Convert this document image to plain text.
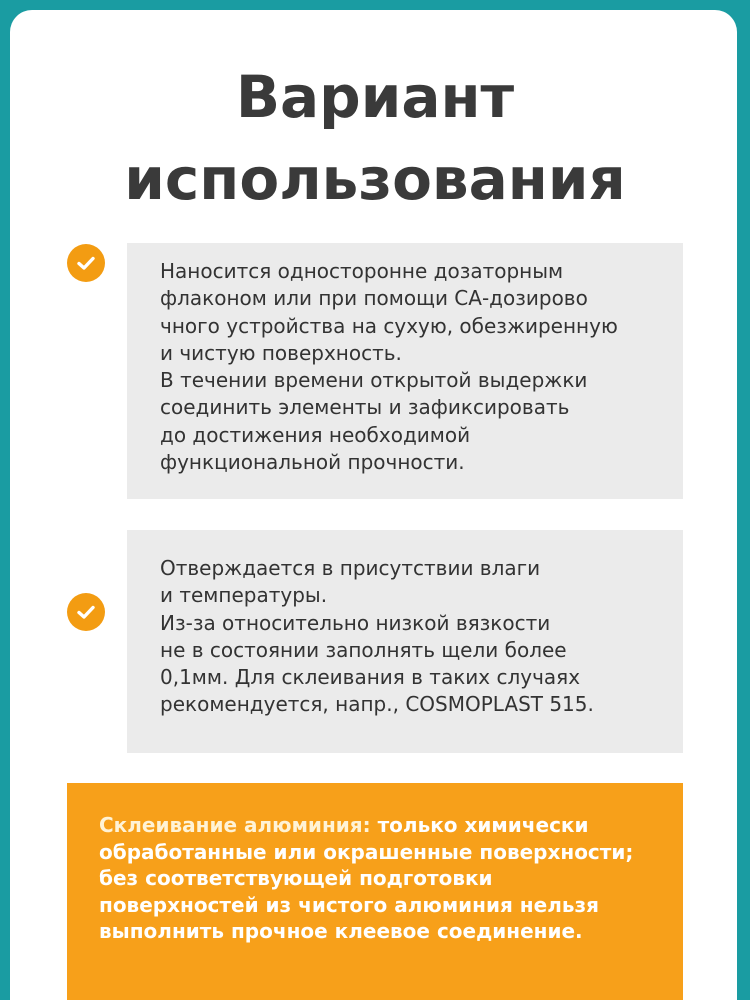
Вариант
использования
Наносится односторонне дозаторным
флаконом или при помощи СА-дозирово
чного устройства на сухую, обезжиренную
и чистую поверхность.
В течении времени открытой выдержки
соединить элементы и зафиксировать
до достижения необходимой
функциональной прочности.
Отверждается в присутствии влаги
и температуры.
Из-за относительно низкой вязкости
не в состоянии заполнять щели более
0,1мм. Для склеивания в таких случаях
рекомендуется, напр., COSMOPLAST 515.
Склеивание алюминия: только химически
обработанные или окрашенные поверхности;
без соответствующей подготовки
поверхностей из чистого алюминия нельзя
выполнить прочное клеевое соединение.
